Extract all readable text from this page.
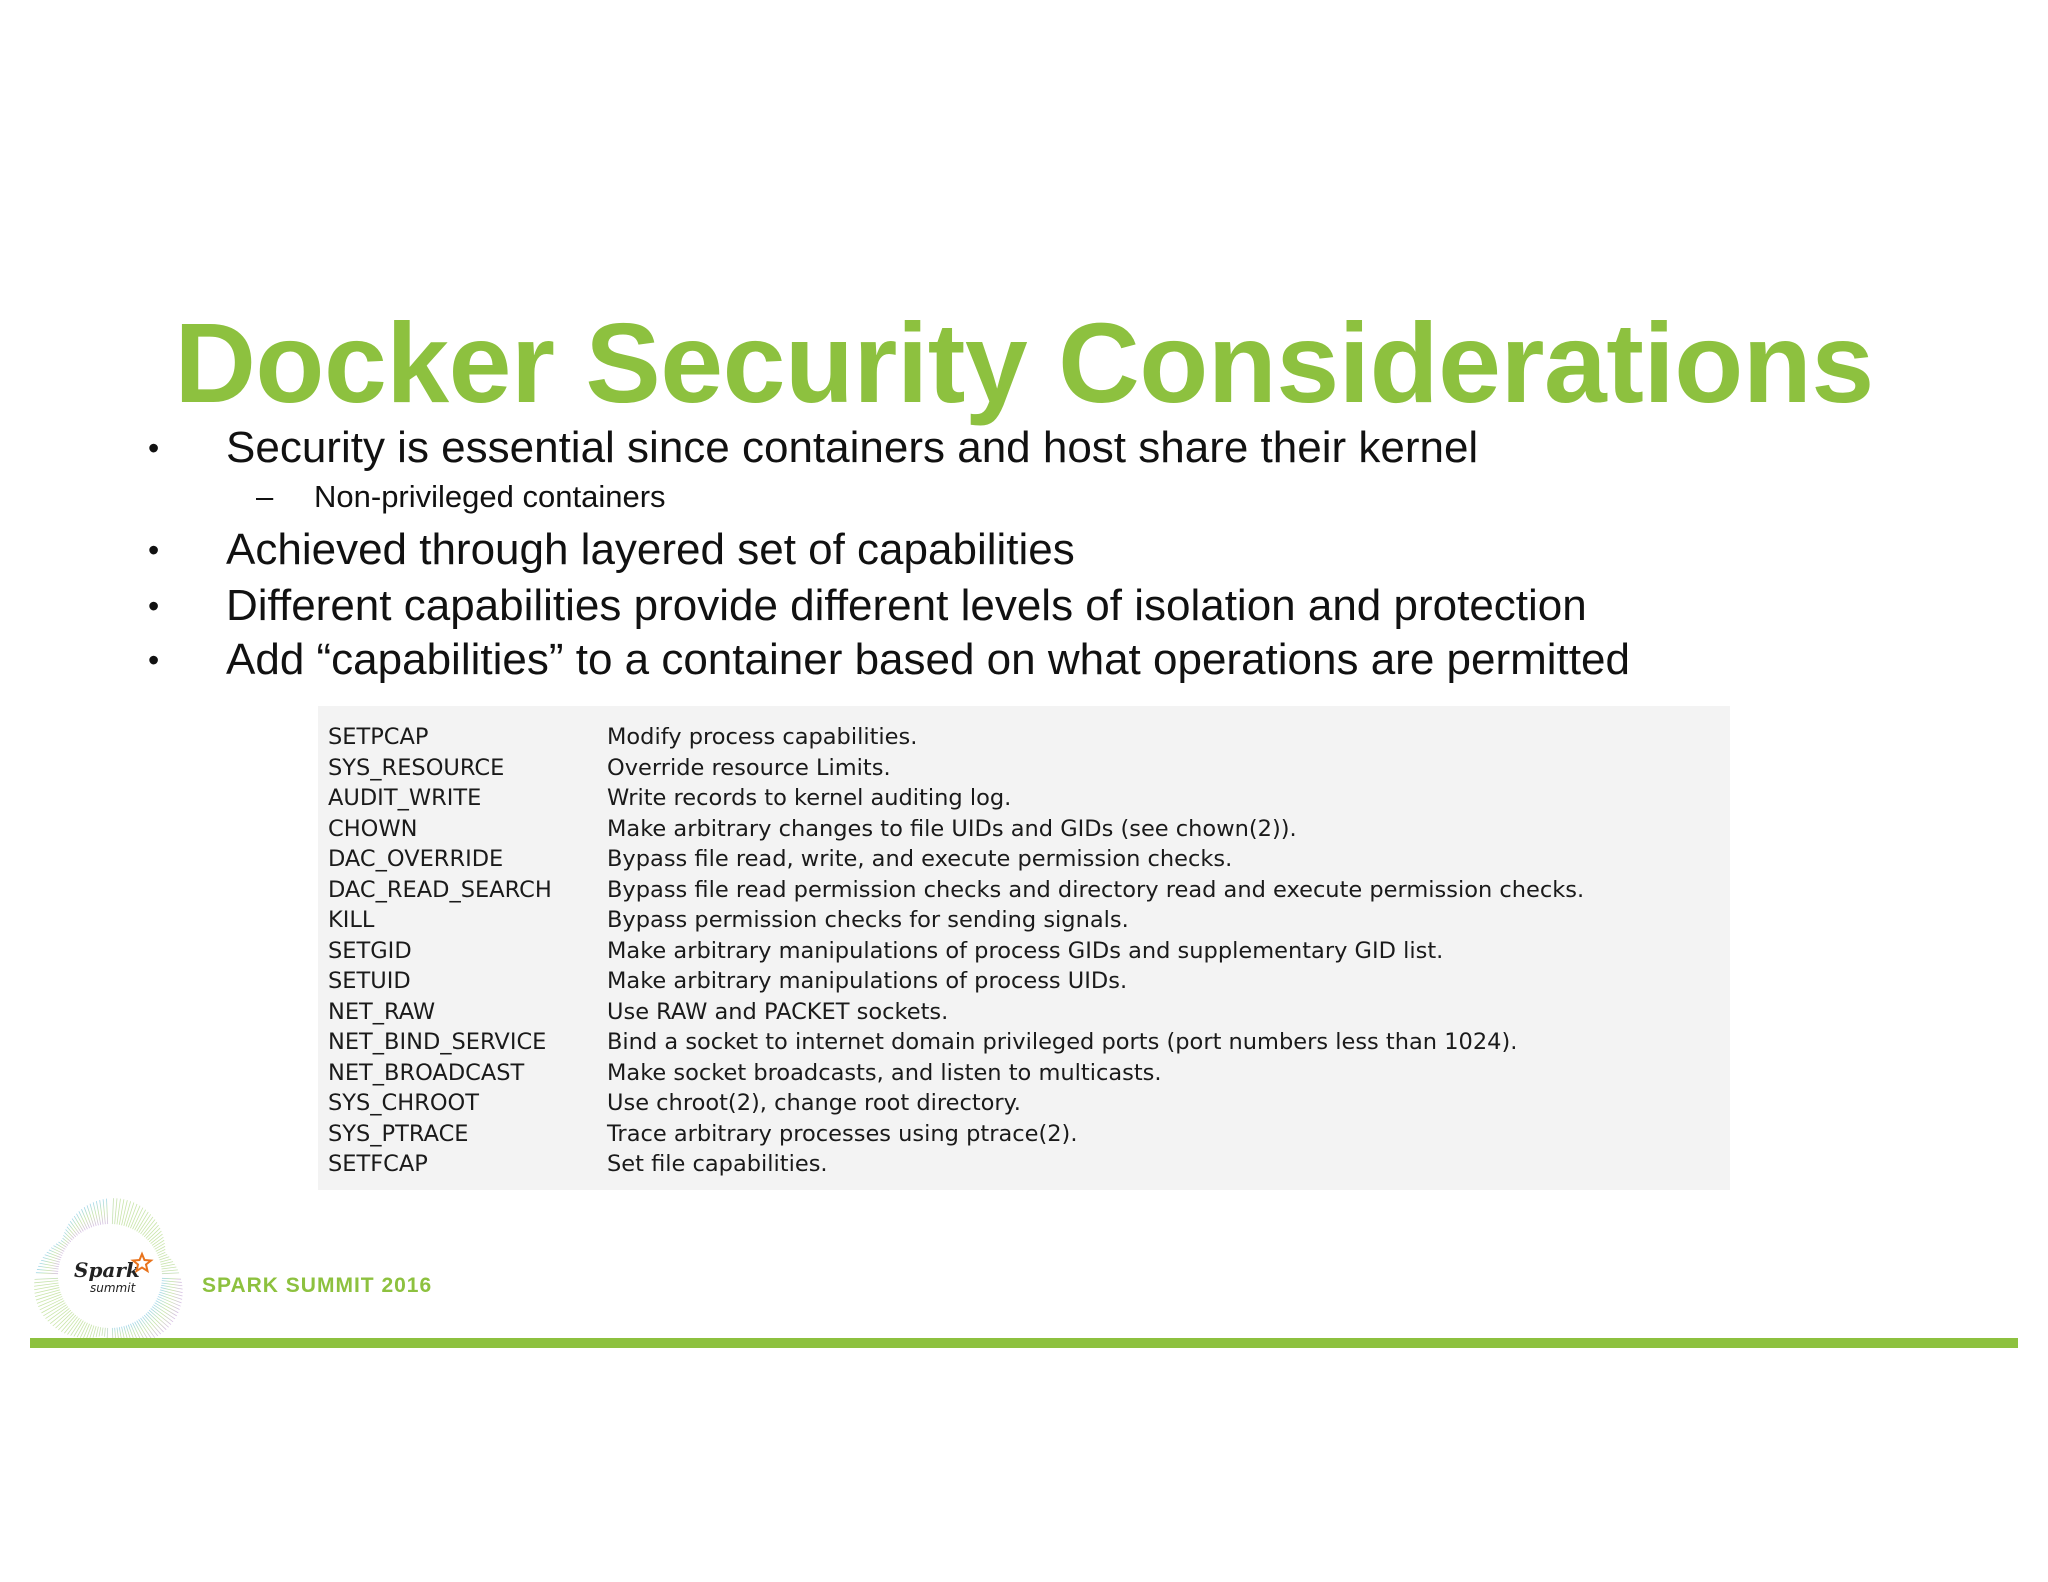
Docker Security Considerations
• Security is essential since containers and host share their kernel
– Non-privileged containers
• Achieved through layered set of capabilities
• Different capabilities provide different levels of isolation and protection
• Add “capabilities” to a container based on what operations are permitted
SETPCAP	Modify process capabilities.
SYS_RESOURCE	Override resource Limits.
AUDIT_WRITE	Write records to kernel auditing log.
CHOWN	Make arbitrary changes to file UIDs and GIDs (see chown(2)).
DAC_OVERRIDE	Bypass file read, write, and execute permission checks.
DAC_READ_SEARCH	Bypass file read permission checks and directory read and execute permission checks.
KILL	Bypass permission checks for sending signals.
SETGID	Make arbitrary manipulations of process GIDs and supplementary GID list.
SETUID	Make arbitrary manipulations of process UIDs.
NET_RAW	Use RAW and PACKET sockets.
NET_BIND_SERVICE	Bind a socket to internet domain privileged ports (port numbers less than 1024).
NET_BROADCAST	Make socket broadcasts, and listen to multicasts.
SYS_CHROOT	Use chroot(2), change root directory.
SYS_PTRACE	Trace arbitrary processes using ptrace(2).
SETFCAP	Set file capabilities.
Spark
summit	SPARK SUMMIT 2016
